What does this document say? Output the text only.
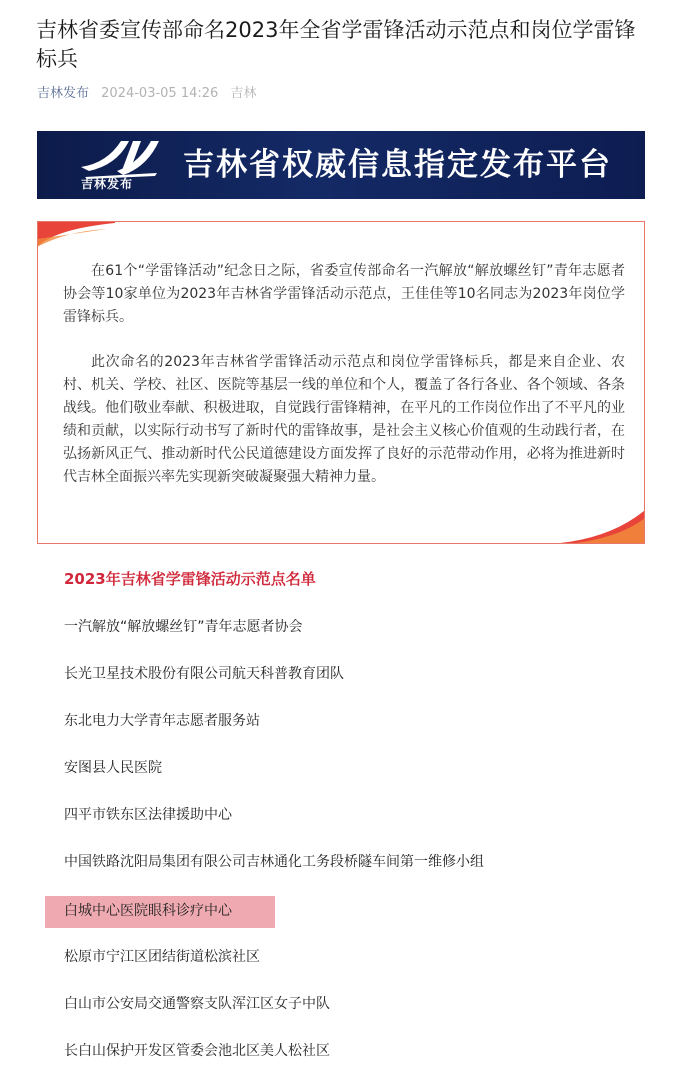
吉林省委宣传部命名2023年全省学雷锋活动示范点和岗位学雷锋标兵
吉林发布 2024-03-05 14:26 吉林
吉林发布
吉林省权威信息指定发布平台

在61个“学雷锋活动”纪念日之际，省委宣传部命名一汽解放“解放螺丝钉”青年志愿者协会等10家单位为2023年吉林省学雷锋活动示范点，王佳佳等10名同志为2023年岗位学雷锋标兵。

此次命名的2023年吉林省学雷锋活动示范点和岗位学雷锋标兵，都是来自企业、农村、机关、学校、社区、医院等基层一线的单位和个人，覆盖了各行各业、各个领域、各条战线。他们敬业奉献、积极进取，自觉践行雷锋精神，在平凡的工作岗位作出了不平凡的业绩和贡献，以实际行动书写了新时代的雷锋故事，是社会主义核心价值观的生动践行者，在弘扬新风正气、推动新时代公民道德建设方面发挥了良好的示范带动作用，必将为推进新时代吉林全面振兴率先实现新突破凝聚强大精神力量。

2023年吉林省学雷锋活动示范点名单
一汽解放“解放螺丝钉”青年志愿者协会
长光卫星技术股份有限公司航天科普教育团队
东北电力大学青年志愿者服务站
安图县人民医院
四平市铁东区法律援助中心
中国铁路沈阳局集团有限公司吉林通化工务段桥隧车间第一维修小组
白城中心医院眼科诊疗中心
松原市宁江区团结街道松滨社区
白山市公安局交通警察支队浑江区女子中队
长白山保护开发区管委会池北区美人松社区
